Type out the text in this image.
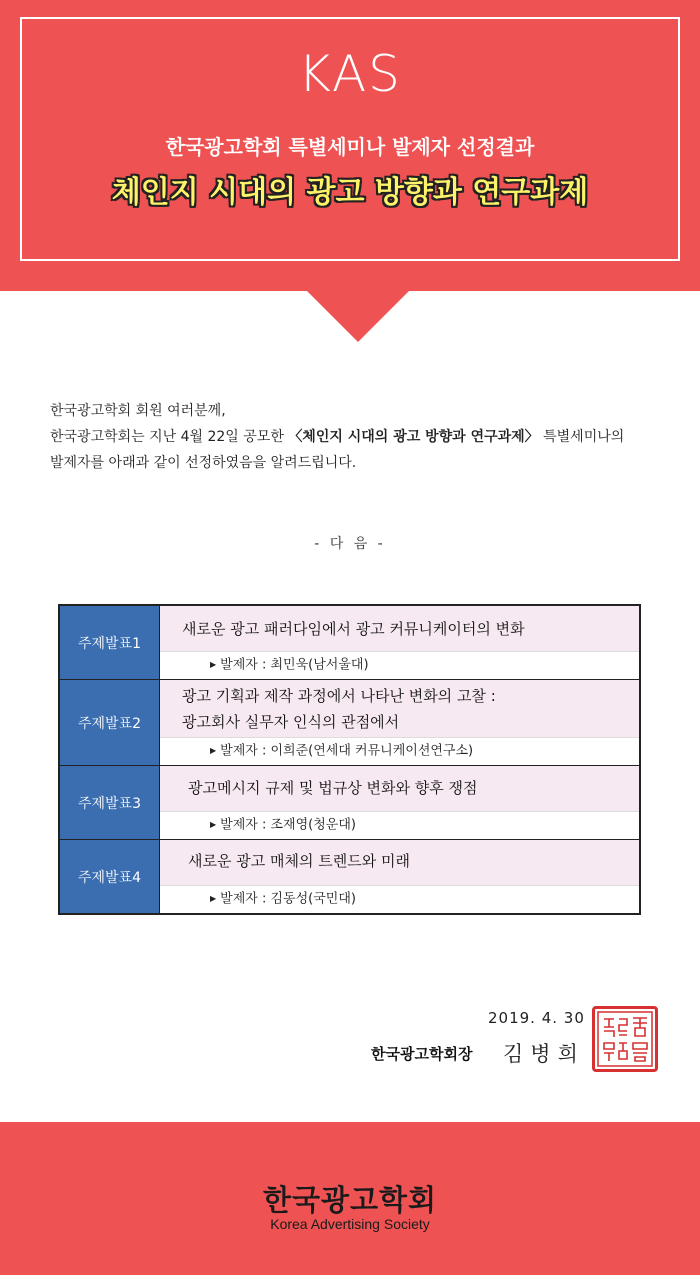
KAS
한국광고학회 특별세미나 발제자 선정결과
체인지 시대의 광고 방향과 연구과제
한국광고학회 회원 여러분께,
한국광고학회는 지난 4월 22일 공모한 〈체인지 시대의 광고 방향과 연구과제〉 특별세미나의
발제자를 아래과 같이 선정하였음을 알려드립니다.
- 다 음 -
주제발표1
새로운 광고 패러다임에서 광고 커뮤니케이터의 변화
▶ 발제자 : 최민욱(남서울대)
주제발표2
광고 기획과 제작 과정에서 나타난 변화의 고찰 :
광고회사 실무자 인식의 관점에서
▶ 발제자 : 이희준(연세대 커뮤니케이션연구소)
주제발표3
광고메시지 규제 및 법규상 변화와 향후 쟁점
▶ 발제자 : 조재영(청운대)
주제발표4
새로운 광고 매체의 트렌드와 미래
▶ 발제자 : 김동성(국민대)
2019. 4. 30
한국광고학회장 김병희
한국광고학회
Korea Advertising Society
